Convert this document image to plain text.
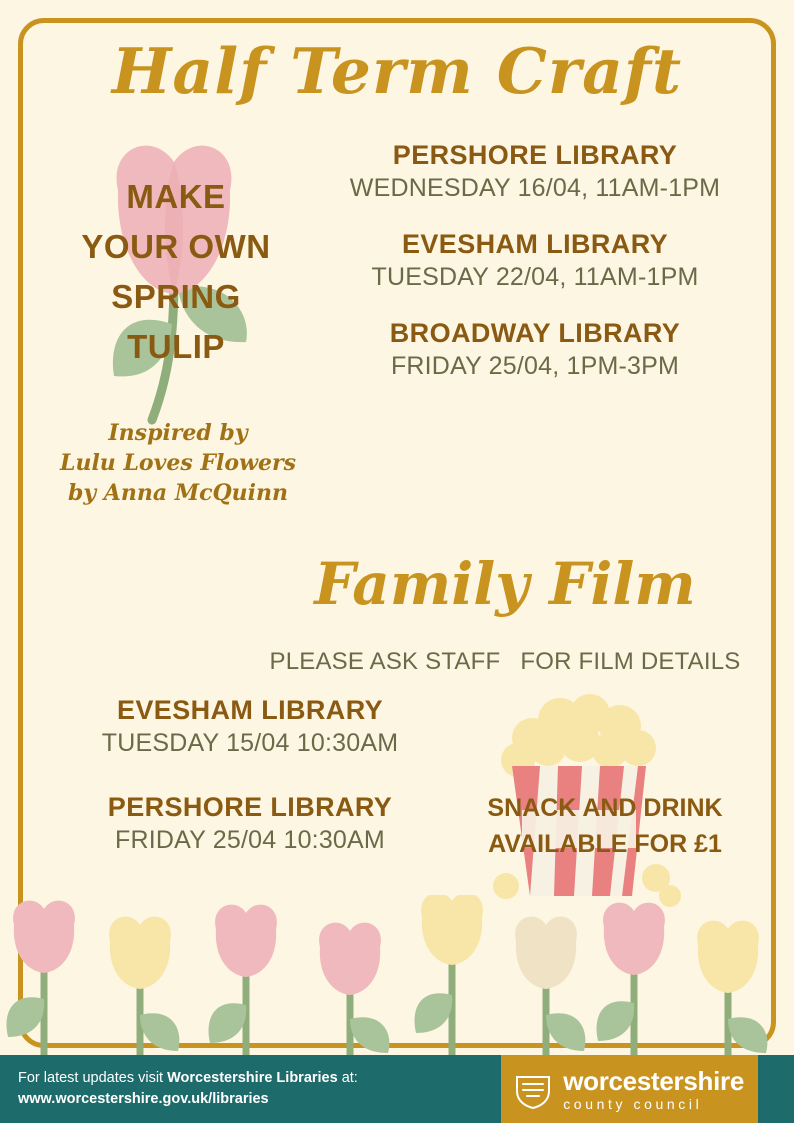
Half Term Craft
MAKE
YOUR OWN
SPRING
TULIP
Inspired by
Lulu Loves Flowers
by Anna McQuinn
PERSHORE LIBRARY
WEDNESDAY 16/04, 11AM-1PM
EVESHAM LIBRARY
TUESDAY 22/04, 11AM-1PM
BROADWAY LIBRARY
FRIDAY 25/04, 1PM-3PM
Family Film
PLEASE ASK STAFF FOR FILM DETAILS
EVESHAM LIBRARY
TUESDAY 15/04 10:30AM
PERSHORE LIBRARY
FRIDAY 25/04 10:30AM
SNACK AND DRINK
AVAILABLE FOR £1
For latest updates visit Worcestershire Libraries at:
www.worcestershire.gov.uk/libraries
worcestershire
county council
